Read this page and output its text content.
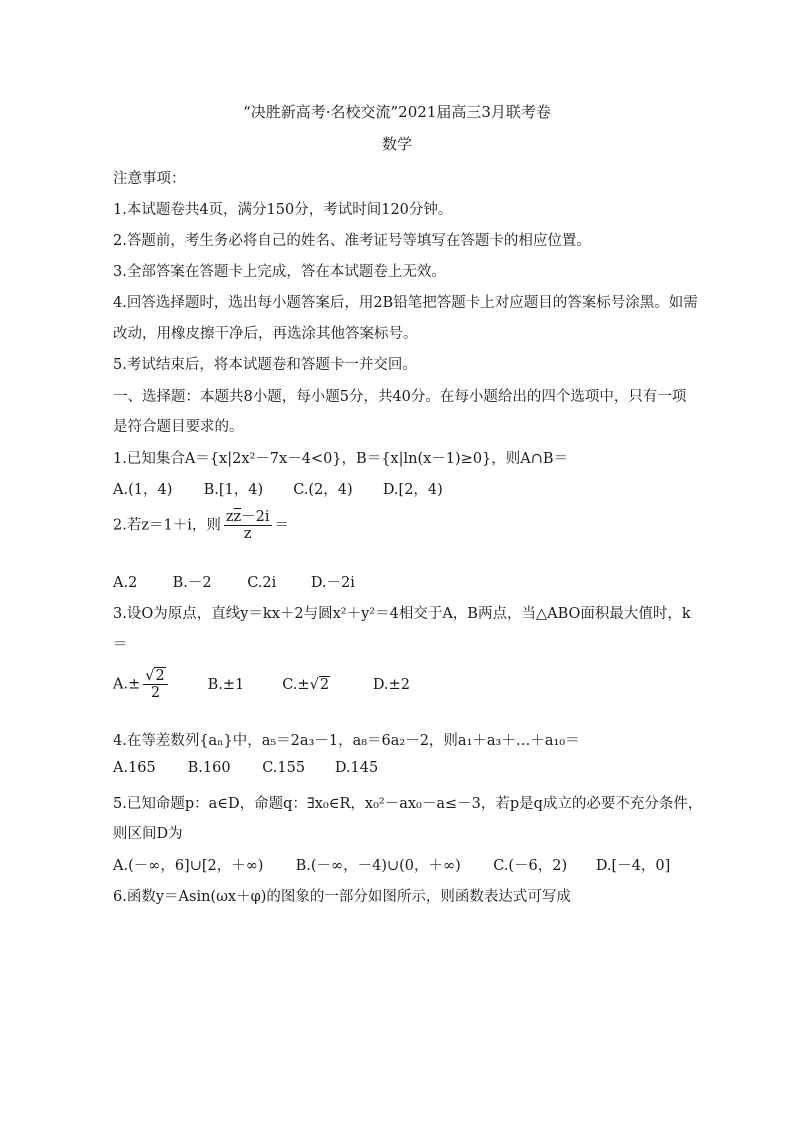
“决胜新高考·名校交流”2021届高三3月联考卷
数学
注意事项：
1.本试题卷共4页，满分150分，考试时间120分钟。
2.答题前，考生务必将自己的姓名、准考证号等填写在答题卡的相应位置。
3.全部答案在答题卡上完成，答在本试题卷上无效。
4.回答选择题时，选出每小题答案后，用2B铅笔把答题卡上对应题目的答案标号涂黑。如需
改动，用橡皮擦干净后，再选涂其他答案标号。
5.考试结束后，将本试题卷和答题卡一并交回。
一、选择题：本题共8小题，每小题5分，共40分。在每小题给出的四个选项中，只有一项
是符合题目要求的。
1.已知集合A＝{x|2x²－7x－4<0}，B＝{x|ln(x－1)≥0}，则A∩B＝
A.(1，4) B.[1，4) C.(2，4) D.[2，4)
2.若z＝1＋i，则 $\frac{z\overline{z}-2i}{z}$ ＝
A.2 B.－2 C.2i D.－2i
3.设O为原点，直线y＝kx＋2与圆x²＋y²＝4相交于A，B两点，当△ABO面积最大值时，k
＝
$A.\pm \frac{√2}{2}$	B.±1	C.±√2	D.±2
4.在等差数列{aₙ}中，a₅＝2a₃－1，a₈＝6a₂－2，则a₁＋a₃＋…＋a₁₀＝
A.165 B.160 C.155 D.145
5.已知命题p：a∈D，命题q：∃x₀∈R，x₀²－ax₀－a≤－3，若p是q成立的必要不充分条件，
则区间D为
A.(－∞，6]∪[2，＋∞) B.(－∞，－4)∪(0，＋∞) C.(－6，2) D.[－4，0]
6.函数y＝Asin(ωx＋φ)的图象的一部分如图所示，则函数表达式可写成
